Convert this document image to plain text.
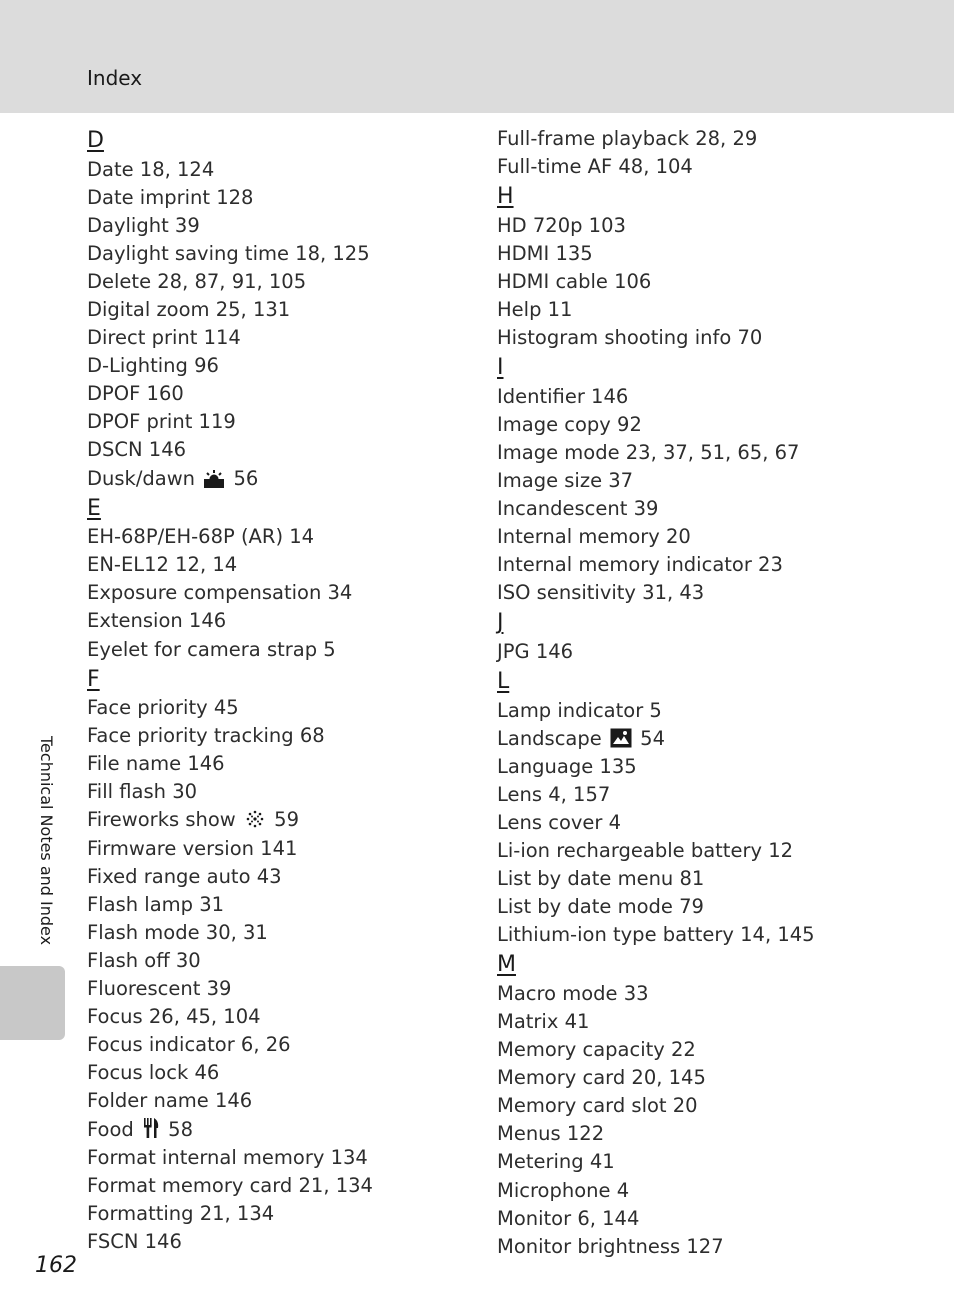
Index
D
Date 18, 124
Date imprint 128
Daylight 39
Daylight saving time 18, 125
Delete 28, 87, 91, 105
Digital zoom 25, 131
Direct print 114
D-Lighting 96
DPOF 160
DPOF print 119
DSCN 146
Dusk/dawn 56
E
EH-68P/EH-68P (AR) 14
EN-EL12 12, 14
Exposure compensation 34
Extension 146
Eyelet for camera strap 5
F
Face priority 45
Face priority tracking 68
File name 146
Fill flash 30
Fireworks show 59
Firmware version 141
Fixed range auto 43
Flash lamp 31
Flash mode 30, 31
Flash off 30
Fluorescent 39
Focus 26, 45, 104
Focus indicator 6, 26
Focus lock 46
Folder name 146
Food 58
Format internal memory 134
Format memory card 21, 134
Formatting 21, 134
FSCN 146
Full-frame playback 28, 29
Full-time AF 48, 104
H
HD 720p 103
HDMI 135
HDMI cable 106
Help 11
Histogram shooting info 70
I
Identifier 146
Image copy 92
Image mode 23, 37, 51, 65, 67
Image size 37
Incandescent 39
Internal memory 20
Internal memory indicator 23
ISO sensitivity 31, 43
J
JPG 146
L
Lamp indicator 5
Landscape 54
Language 135
Lens 4, 157
Lens cover 4
Li-ion rechargeable battery 12
List by date menu 81
List by date mode 79
Lithium-ion type battery 14, 145
M
Macro mode 33
Matrix 41
Memory capacity 22
Memory card 20, 145
Memory card slot 20
Menus 122
Metering 41
Microphone 4
Monitor 6, 144
Monitor brightness 127
Technical Notes and Index
162
